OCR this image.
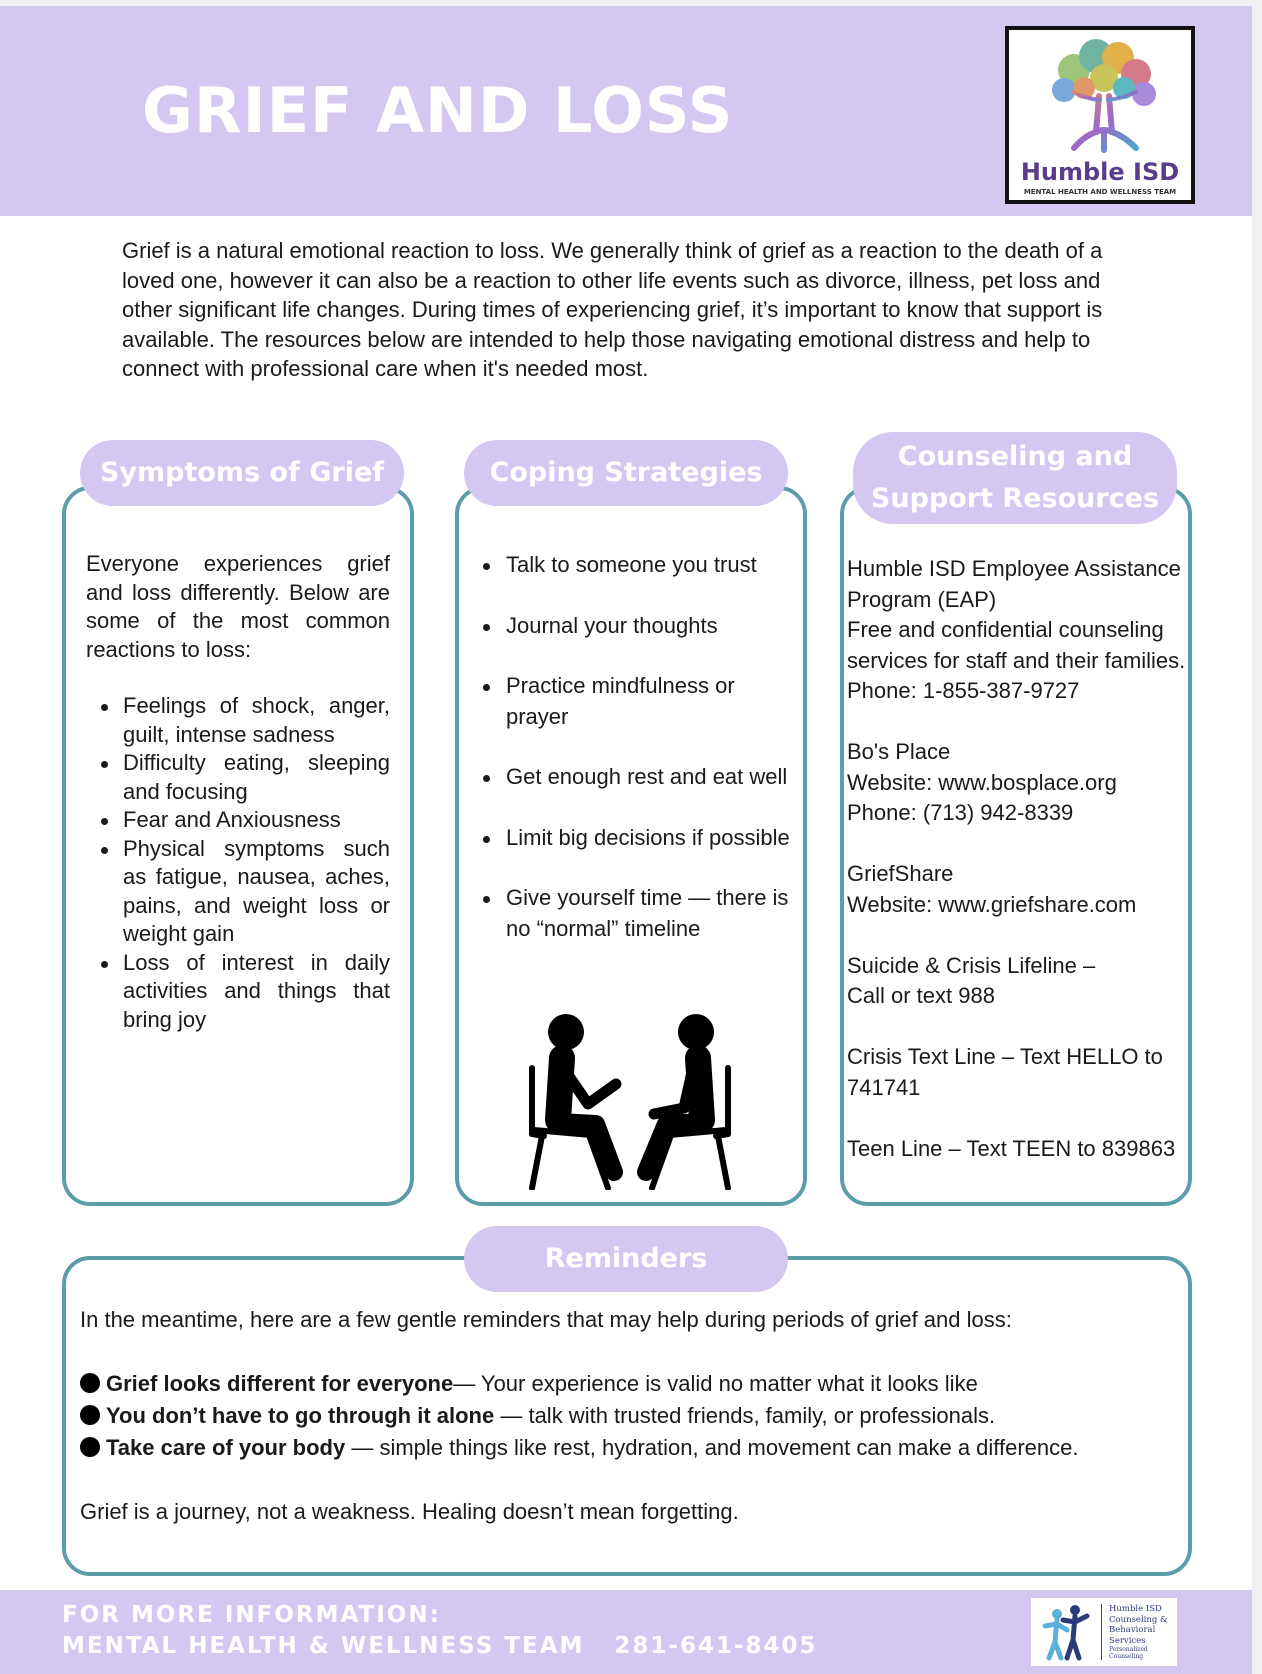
GRIEF AND LOSS
Humble ISD
MENTAL HEALTH AND WELLNESS TEAM
Grief is a natural emotional reaction to loss. We generally think of grief as a reaction to the death of a loved one, however it can also be a reaction to other life events such as divorce, illness, pet loss and other significant life changes. During times of experiencing grief, it’s important to know that support is available. The resources below are intended to help those navigating emotional distress and help to connect with professional care when it's needed most.
Symptoms of Grief
Everyone experiences grief and loss differently. Below are some of the most common reactions to loss:
Feelings of shock, anger, guilt, intense sadness
Difficulty eating, sleeping and focusing
Fear and Anxiousness
Physical symptoms such as fatigue, nausea, aches, pains, and weight loss or weight gain
Loss of interest in daily activities and things that bring joy
Coping Strategies
Talk to someone you trust
Journal your thoughts
Practice mindfulness or prayer
Get enough rest and eat well
Limit big decisions if possible
Give yourself time — there is no “normal” timeline
Counseling and Support Resources
Humble ISD Employee Assistance Program (EAP)
Free and confidential counseling services for staff and their families.
Phone: 1-855-387-9727
Bo's Place
Website: www.bosplace.org
Phone: (713) 942-8339
GriefShare
Website: www.griefshare.com
Suicide & Crisis Lifeline –
Call or text 988
Crisis Text Line – Text HELLO to 741741
Teen Line – Text TEEN to 839863
Reminders

In the meantime, here are a few gentle reminders that may help during periods of grief and loss:

Grief looks different for everyone— Your experience is valid no matter what it looks like

You don’t have to go through it alone — talk with trusted friends, family, or professionals.

Take care of your body — simple things like rest, hydration, and movement can make a difference.

Grief is a journey, not a weakness. Healing doesn’t mean forgetting.

FOR MORE INFORMATION:
MENTAL HEALTH & WELLNESS TEAM 281-641-8405
Humble ISD
Counseling &
Behavioral
Services
Personalized Counseling
